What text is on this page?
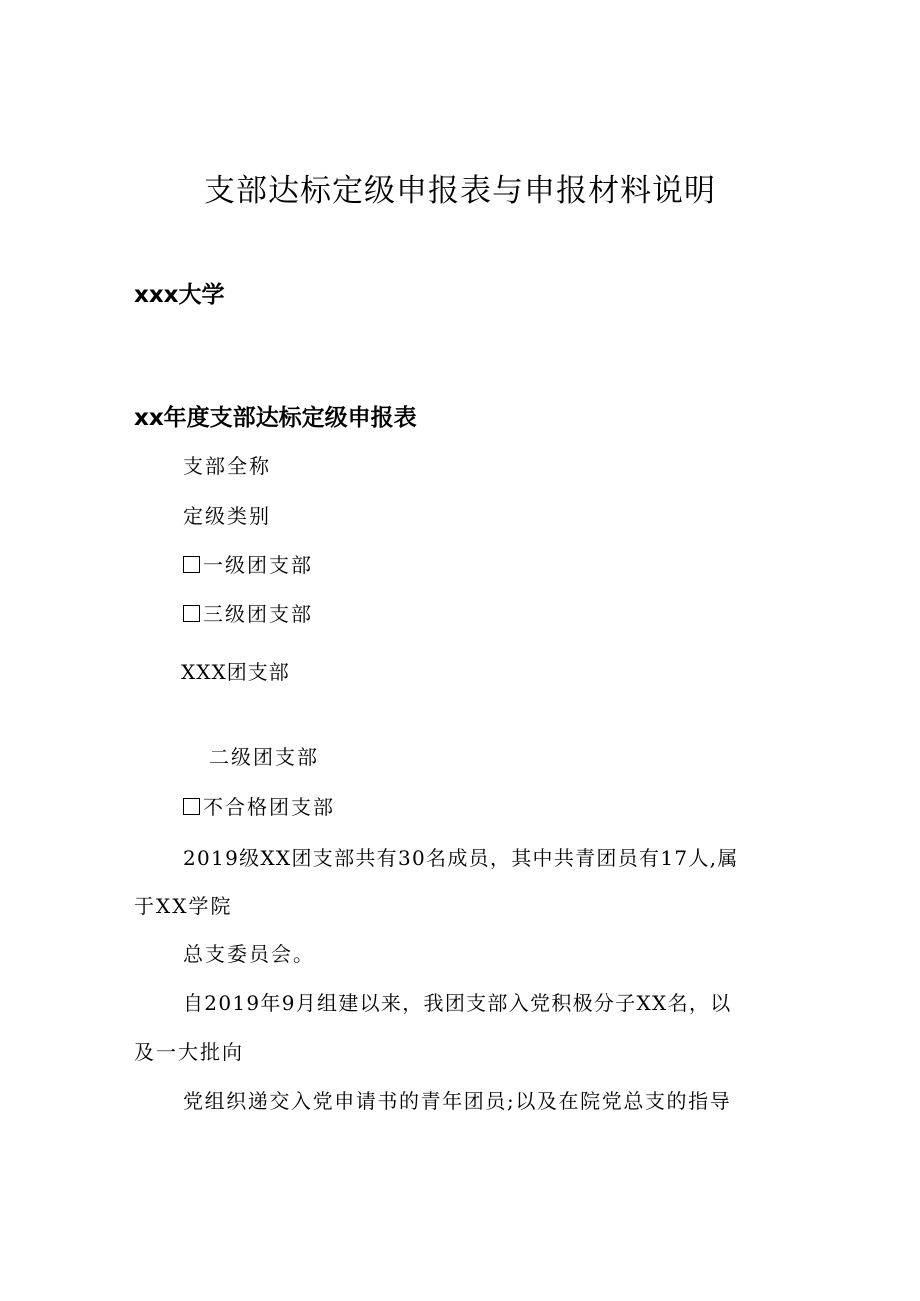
支部达标定级申报表与申报材料说明
xxx大学
xx年度支部达标定级申报表
支部全称
定级类别
一级团支部
三级团支部
XXX团支部
二级团支部
不合格团支部
2019级XX团支部共有30名成员，其中共青团员有17人,属
于XX学院
总支委员会。
自2019年9月组建以来，我团支部入党积极分子XX名，以
及一大批向
党组织递交入党申请书的青年团员;以及在院党总支的指导
